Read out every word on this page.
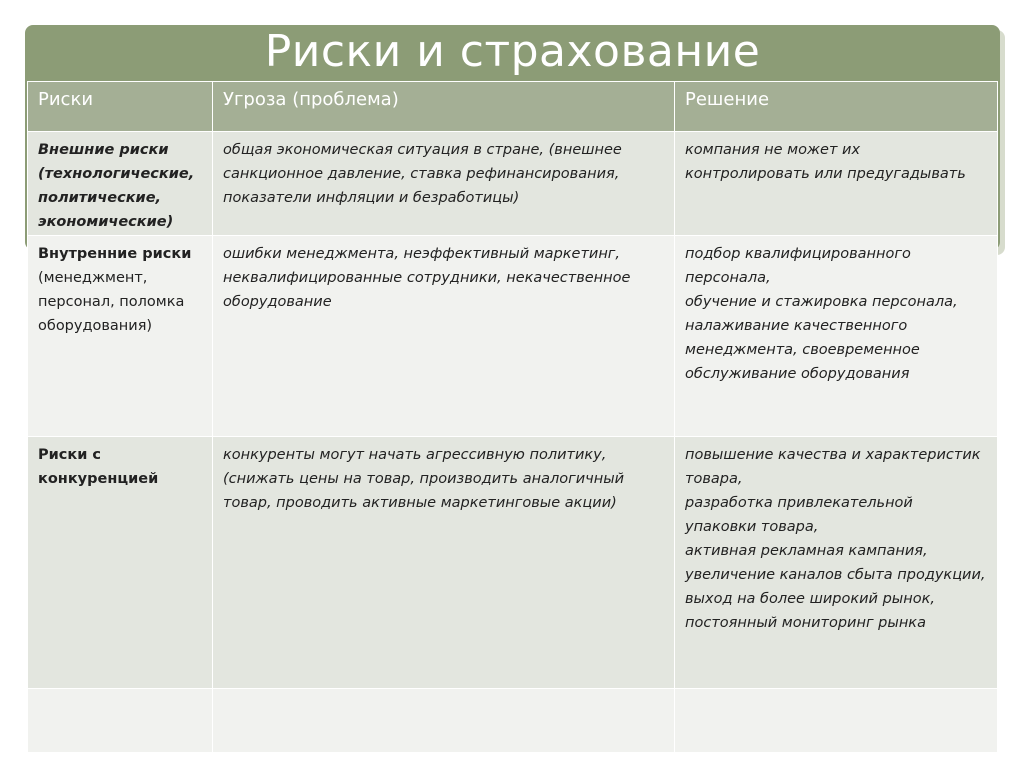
Риски и страхование
Риски	Угроза (проблема)	Решение
Внешние риски (технологические, политические, экономические)	общая экономическая ситуация в стране, (внешнее санкционное давление, ставка рефинансирования, показатели инфляции и безработицы)	компания не может их контролировать или предугадывать

Внутренние риски (менеджмент, персонал, поломка оборудования)	ошибки менеджмента, неэффективный маркетинг, неквалифицированные сотрудники, некачественное оборудование	подбор квалифицированного персонала,
обучение и стажировка персонала,
налаживание качественного менеджмента, своевременное обслуживание оборудования

Риски с конкуренцией	конкуренты могут начать агрессивную политику, (снижать цены на товар, производить аналогичный товар, проводить активные маркетинговые акции)	повышение качества и характеристик товара,
разработка привлекательной упаковки товара,
активная рекламная кампания,
увеличение каналов сбыта продукции, выход на более широкий рынок,
постоянный мониторинг рынка
